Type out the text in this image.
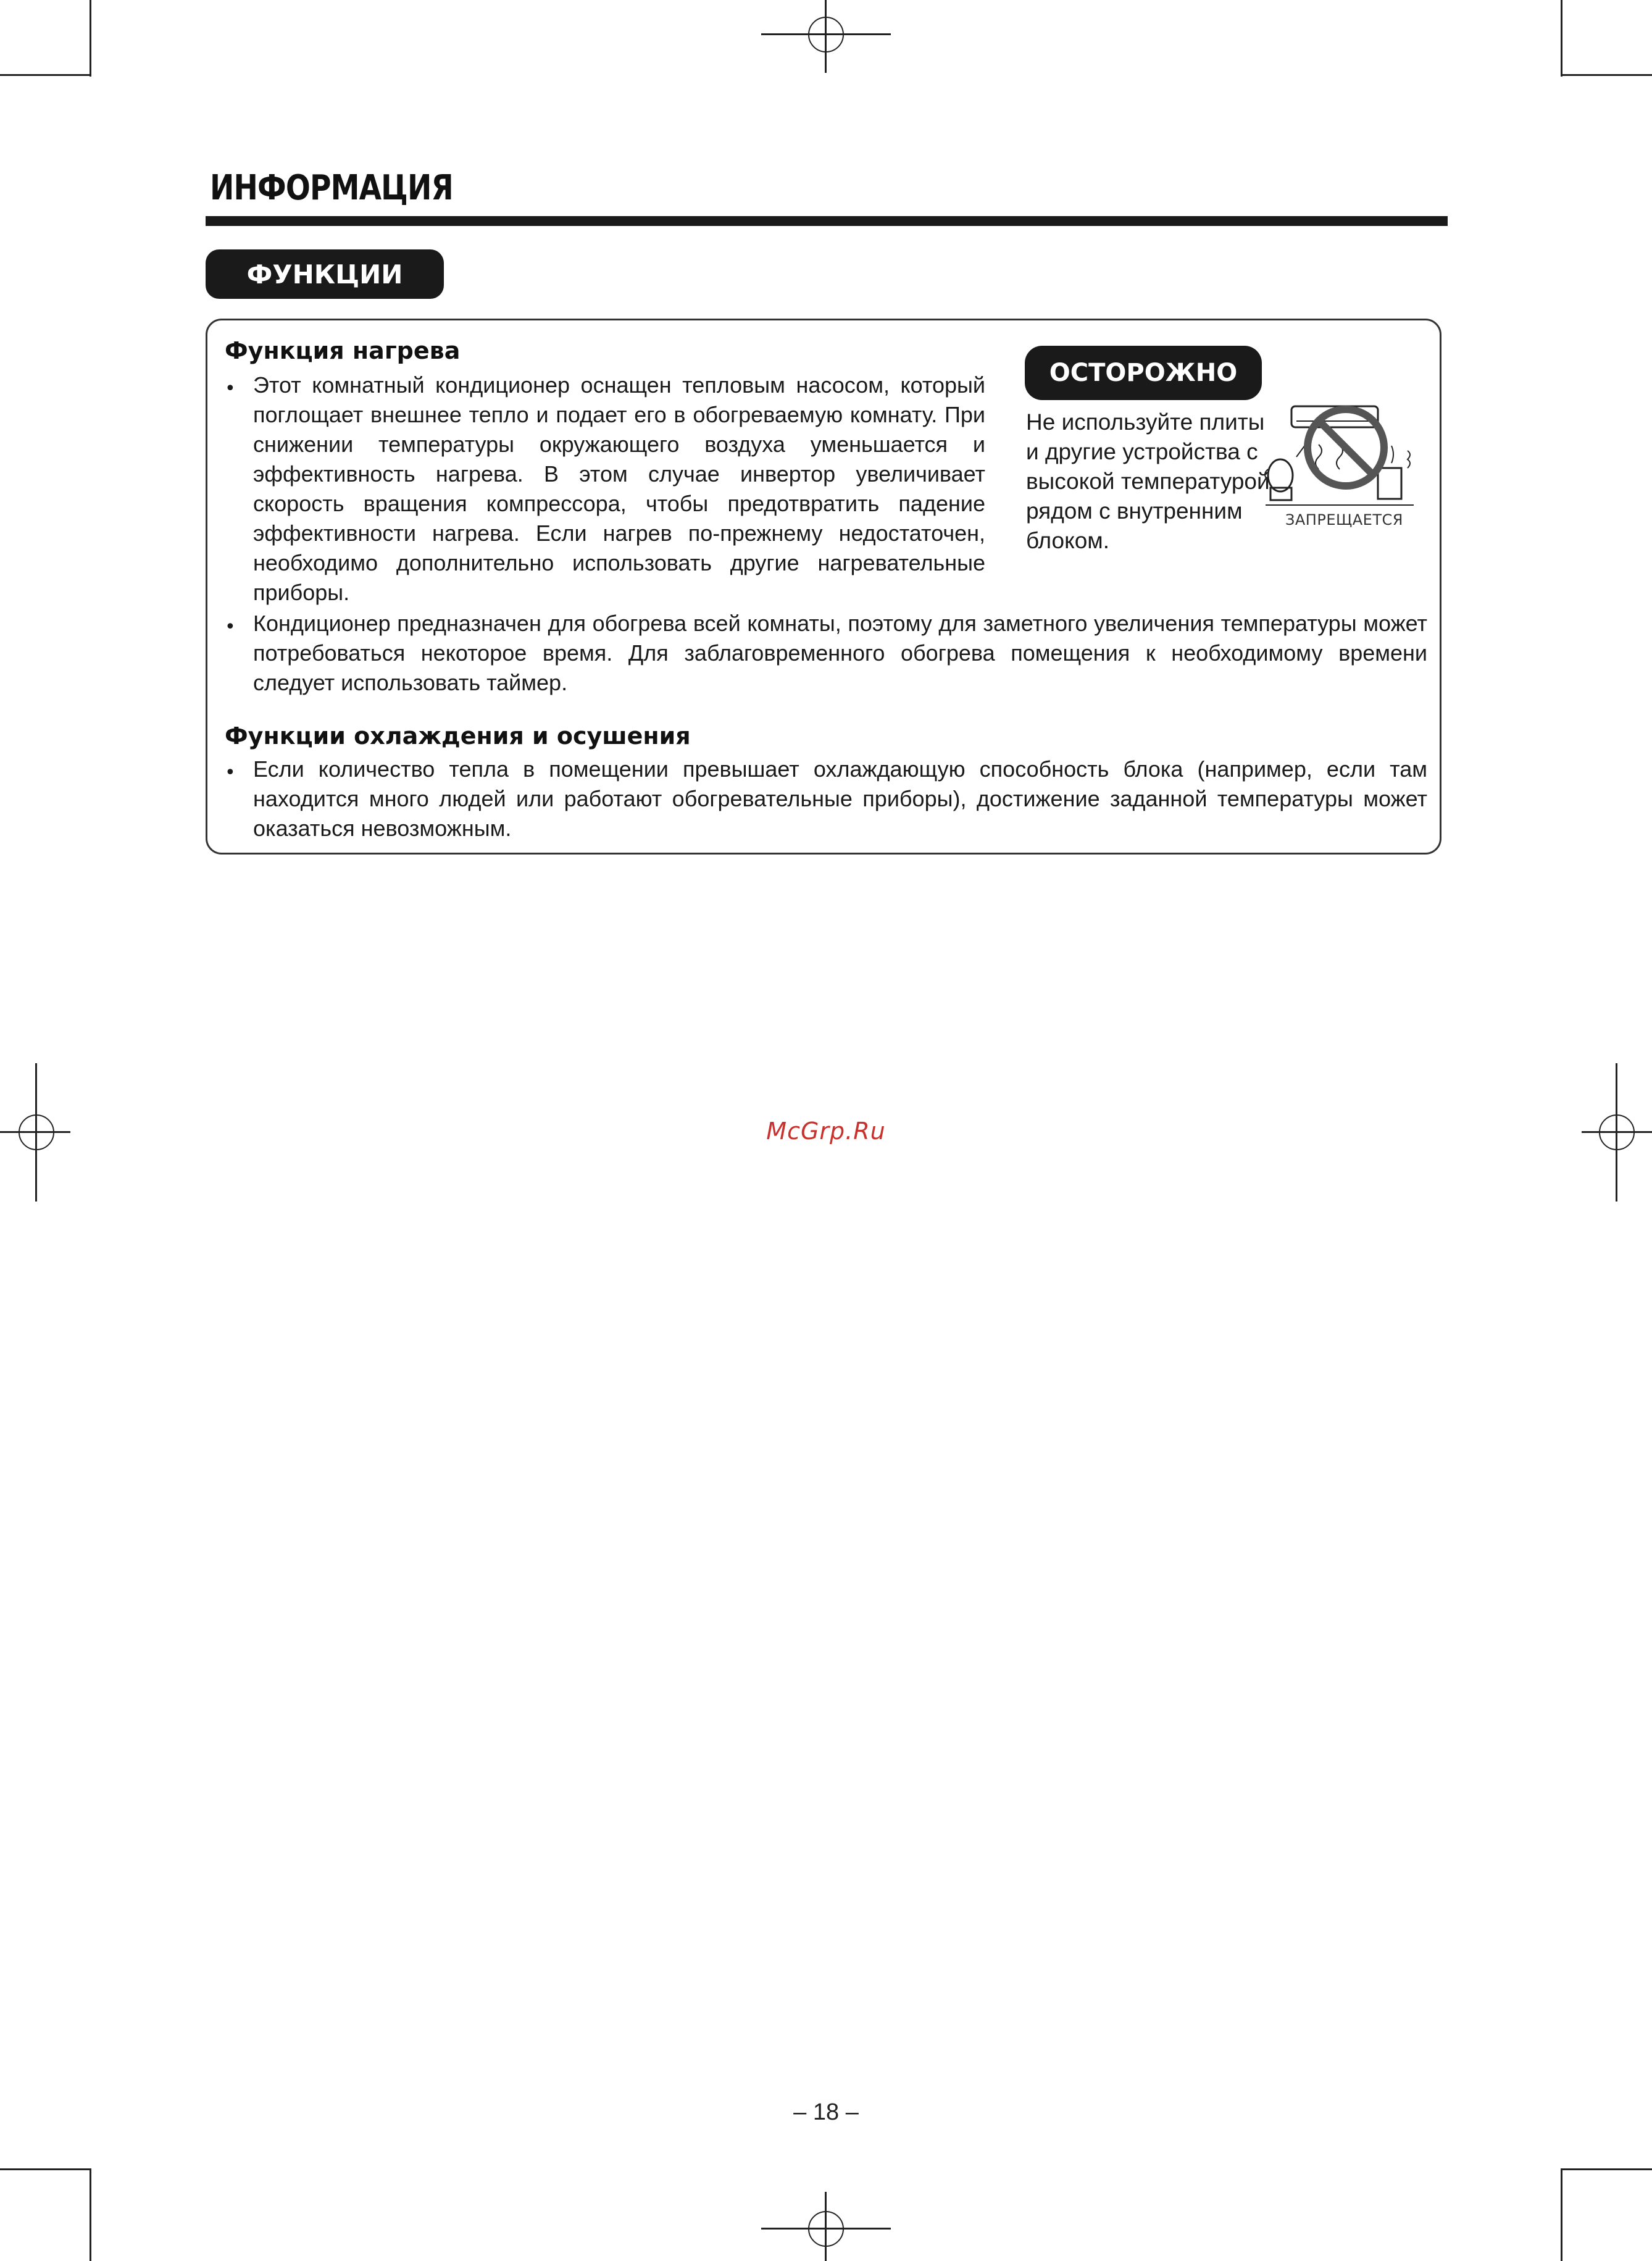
ИНФОРМАЦИЯ
ФУНКЦИИ
Функция нагрева
• Этот комнатный кондиционер оснащен тепловым насосом, который поглощает внешнее тепло и подает его в обогреваемую комнату. При снижении температуры окружающего воздуха уменьшается и эффективность нагрева. В этом случае инвертор увеличивает скорость вращения компрессора, чтобы предотвратить падение эффективности нагрева. Если нагрев по-прежнему недостаточен, необходимо дополнительно использовать другие нагревательные приборы.
• Кондиционер предназначен для обогрева всей комнаты, поэтому для заметного увеличения температуры может потребоваться некоторое время. Для заблаговременного обогрева помещения к необходимому времени следует использовать таймер.
ОСТОРОЖНО
Не используйте плиты и другие устройства с высокой температурой рядом с внутренним блоком.
ЗАПРЕЩАЕТСЯ
Функции охлаждения и осушения
• Если количество тепла в помещении превышает охлаждающую способность блока (например, если там находится много людей или работают обогревательные приборы), достижение заданной температуры может оказаться невозможным.
McGrp.Ru
– 18 –
